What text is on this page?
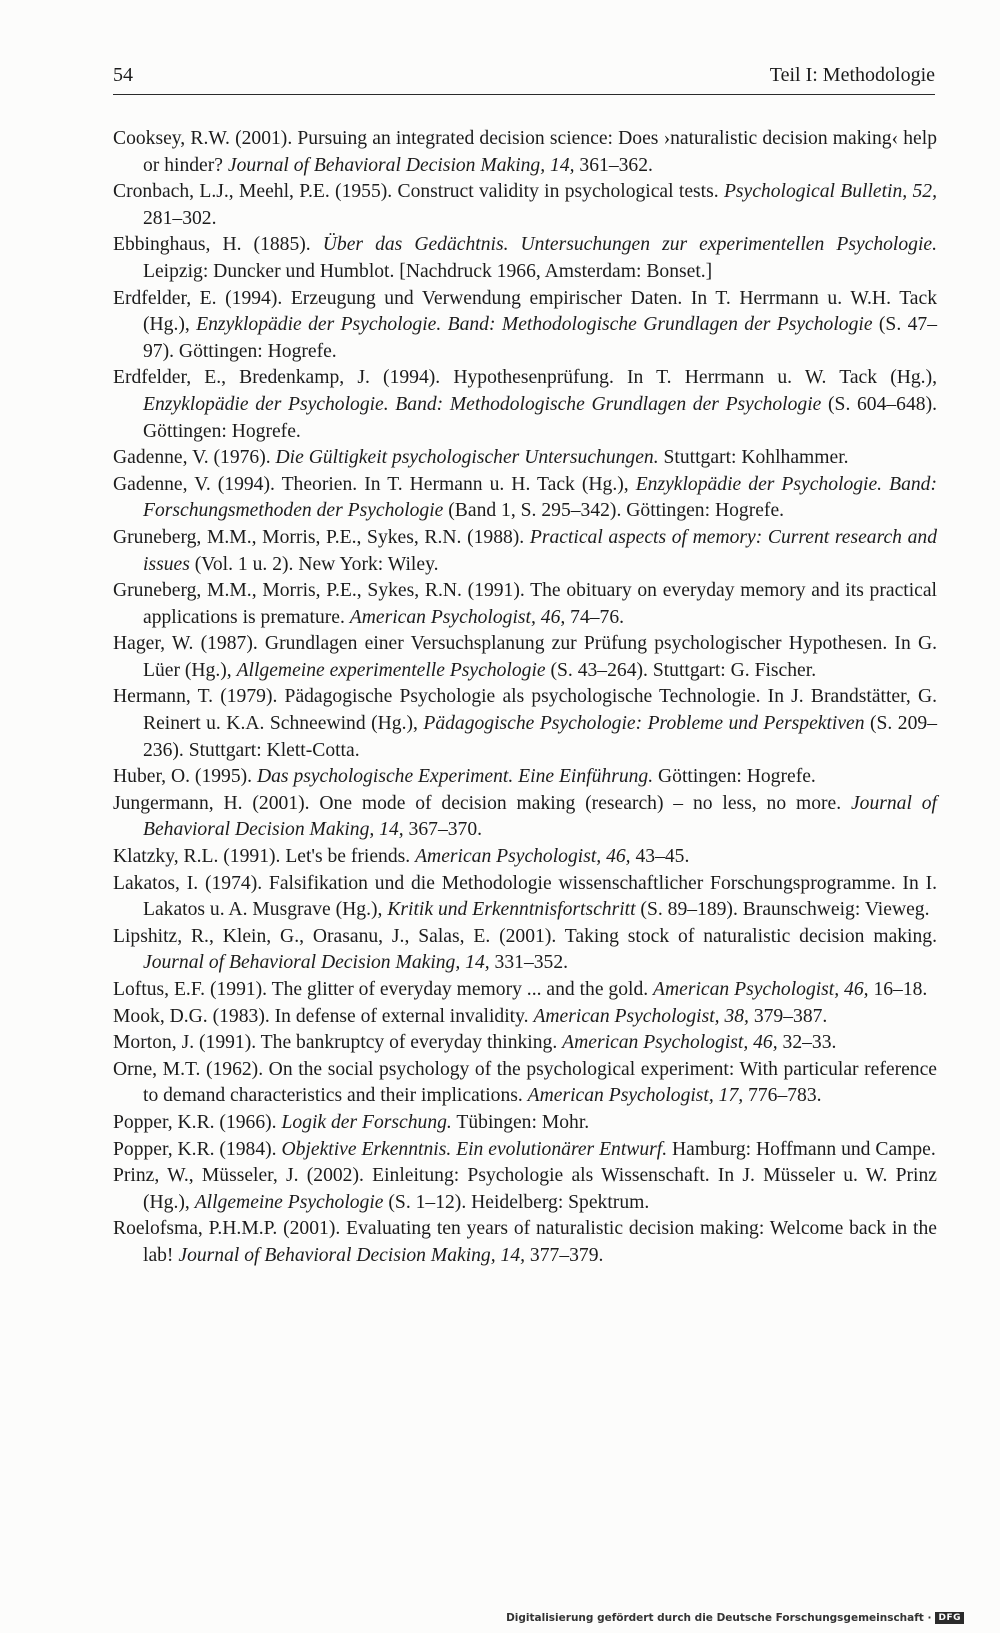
54	Teil I: Methodologie

Cooksey, R.W. (2001). Pursuing an integrated decision science: Does ›naturalistic decision making‹ help or hinder? Journal of Behavioral Decision Making, 14, 361–362.

Cronbach, L.J., Meehl, P.E. (1955). Construct validity in psychological tests. Psychological Bulletin, 52, 281–302.

Ebbinghaus, H. (1885). Über das Gedächtnis. Untersuchungen zur experimentellen Psychologie. Leipzig: Duncker und Humblot. [Nachdruck 1966, Amsterdam: Bonset.]

Erdfelder, E. (1994). Erzeugung und Verwendung empirischer Daten. In T. Herrmann u. W.H. Tack (Hg.), Enzyklopädie der Psychologie. Band: Methodologische Grundlagen der Psychologie (S. 47–97). Göttingen: Hogrefe.

Erdfelder, E., Bredenkamp, J. (1994). Hypothesenprüfung. In T. Herrmann u. W. Tack (Hg.), Enzyklopädie der Psychologie. Band: Methodologische Grundlagen der Psychologie (S. 604–648). Göttingen: Hogrefe.

Gadenne, V. (1976). Die Gültigkeit psychologischer Untersuchungen. Stuttgart: Kohlhammer.

Gadenne, V. (1994). Theorien. In T. Hermann u. H. Tack (Hg.), Enzyklopädie der Psychologie. Band: Forschungsmethoden der Psychologie (Band 1, S. 295–342). Göttingen: Hogrefe.

Gruneberg, M.M., Morris, P.E., Sykes, R.N. (1988). Practical aspects of memory: Current research and issues (Vol. 1 u. 2). New York: Wiley.

Gruneberg, M.M., Morris, P.E., Sykes, R.N. (1991). The obituary on everyday memory and its practical applications is premature. American Psychologist, 46, 74–76.

Hager, W. (1987). Grundlagen einer Versuchsplanung zur Prüfung psychologischer Hypothesen. In G. Lüer (Hg.), Allgemeine experimentelle Psychologie (S. 43–264). Stuttgart: G. Fischer.

Hermann, T. (1979). Pädagogische Psychologie als psychologische Technologie. In J. Brandstätter, G. Reinert u. K.A. Schneewind (Hg.), Pädagogische Psychologie: Probleme und Perspektiven (S. 209–236). Stuttgart: Klett-Cotta.

Huber, O. (1995). Das psychologische Experiment. Eine Einführung. Göttingen: Hogrefe.

Jungermann, H. (2001). One mode of decision making (research) – no less, no more. Journal of Behavioral Decision Making, 14, 367–370.

Klatzky, R.L. (1991). Let's be friends. American Psychologist, 46, 43–45.

Lakatos, I. (1974). Falsifikation und die Methodologie wissenschaftlicher Forschungsprogramme. In I. Lakatos u. A. Musgrave (Hg.), Kritik und Erkenntnisfortschritt (S. 89–189). Braunschweig: Vieweg.

Lipshitz, R., Klein, G., Orasanu, J., Salas, E. (2001). Taking stock of naturalistic decision making. Journal of Behavioral Decision Making, 14, 331–352.

Loftus, E.F. (1991). The glitter of everyday memory ... and the gold. American Psychologist, 46, 16–18.

Mook, D.G. (1983). In defense of external invalidity. American Psychologist, 38, 379–387.

Morton, J. (1991). The bankruptcy of everyday thinking. American Psychologist, 46, 32–33.

Orne, M.T. (1962). On the social psychology of the psychological experiment: With particular reference to demand characteristics and their implications. American Psychologist, 17, 776–783.

Popper, K.R. (1966). Logik der Forschung. Tübingen: Mohr.

Popper, K.R. (1984). Objektive Erkenntnis. Ein evolutionärer Entwurf. Hamburg: Hoffmann und Campe.

Prinz, W., Müsseler, J. (2002). Einleitung: Psychologie als Wissenschaft. In J. Müsseler u. W. Prinz (Hg.), Allgemeine Psychologie (S. 1–12). Heidelberg: Spektrum.

Roelofsma, P.H.M.P. (2001). Evaluating ten years of naturalistic decision making: Welcome back in the lab! Journal of Behavioral Decision Making, 14, 377–379.

Digitalisierung gefördert durch die Deutsche Forschungsgemeinschaft · DFG
